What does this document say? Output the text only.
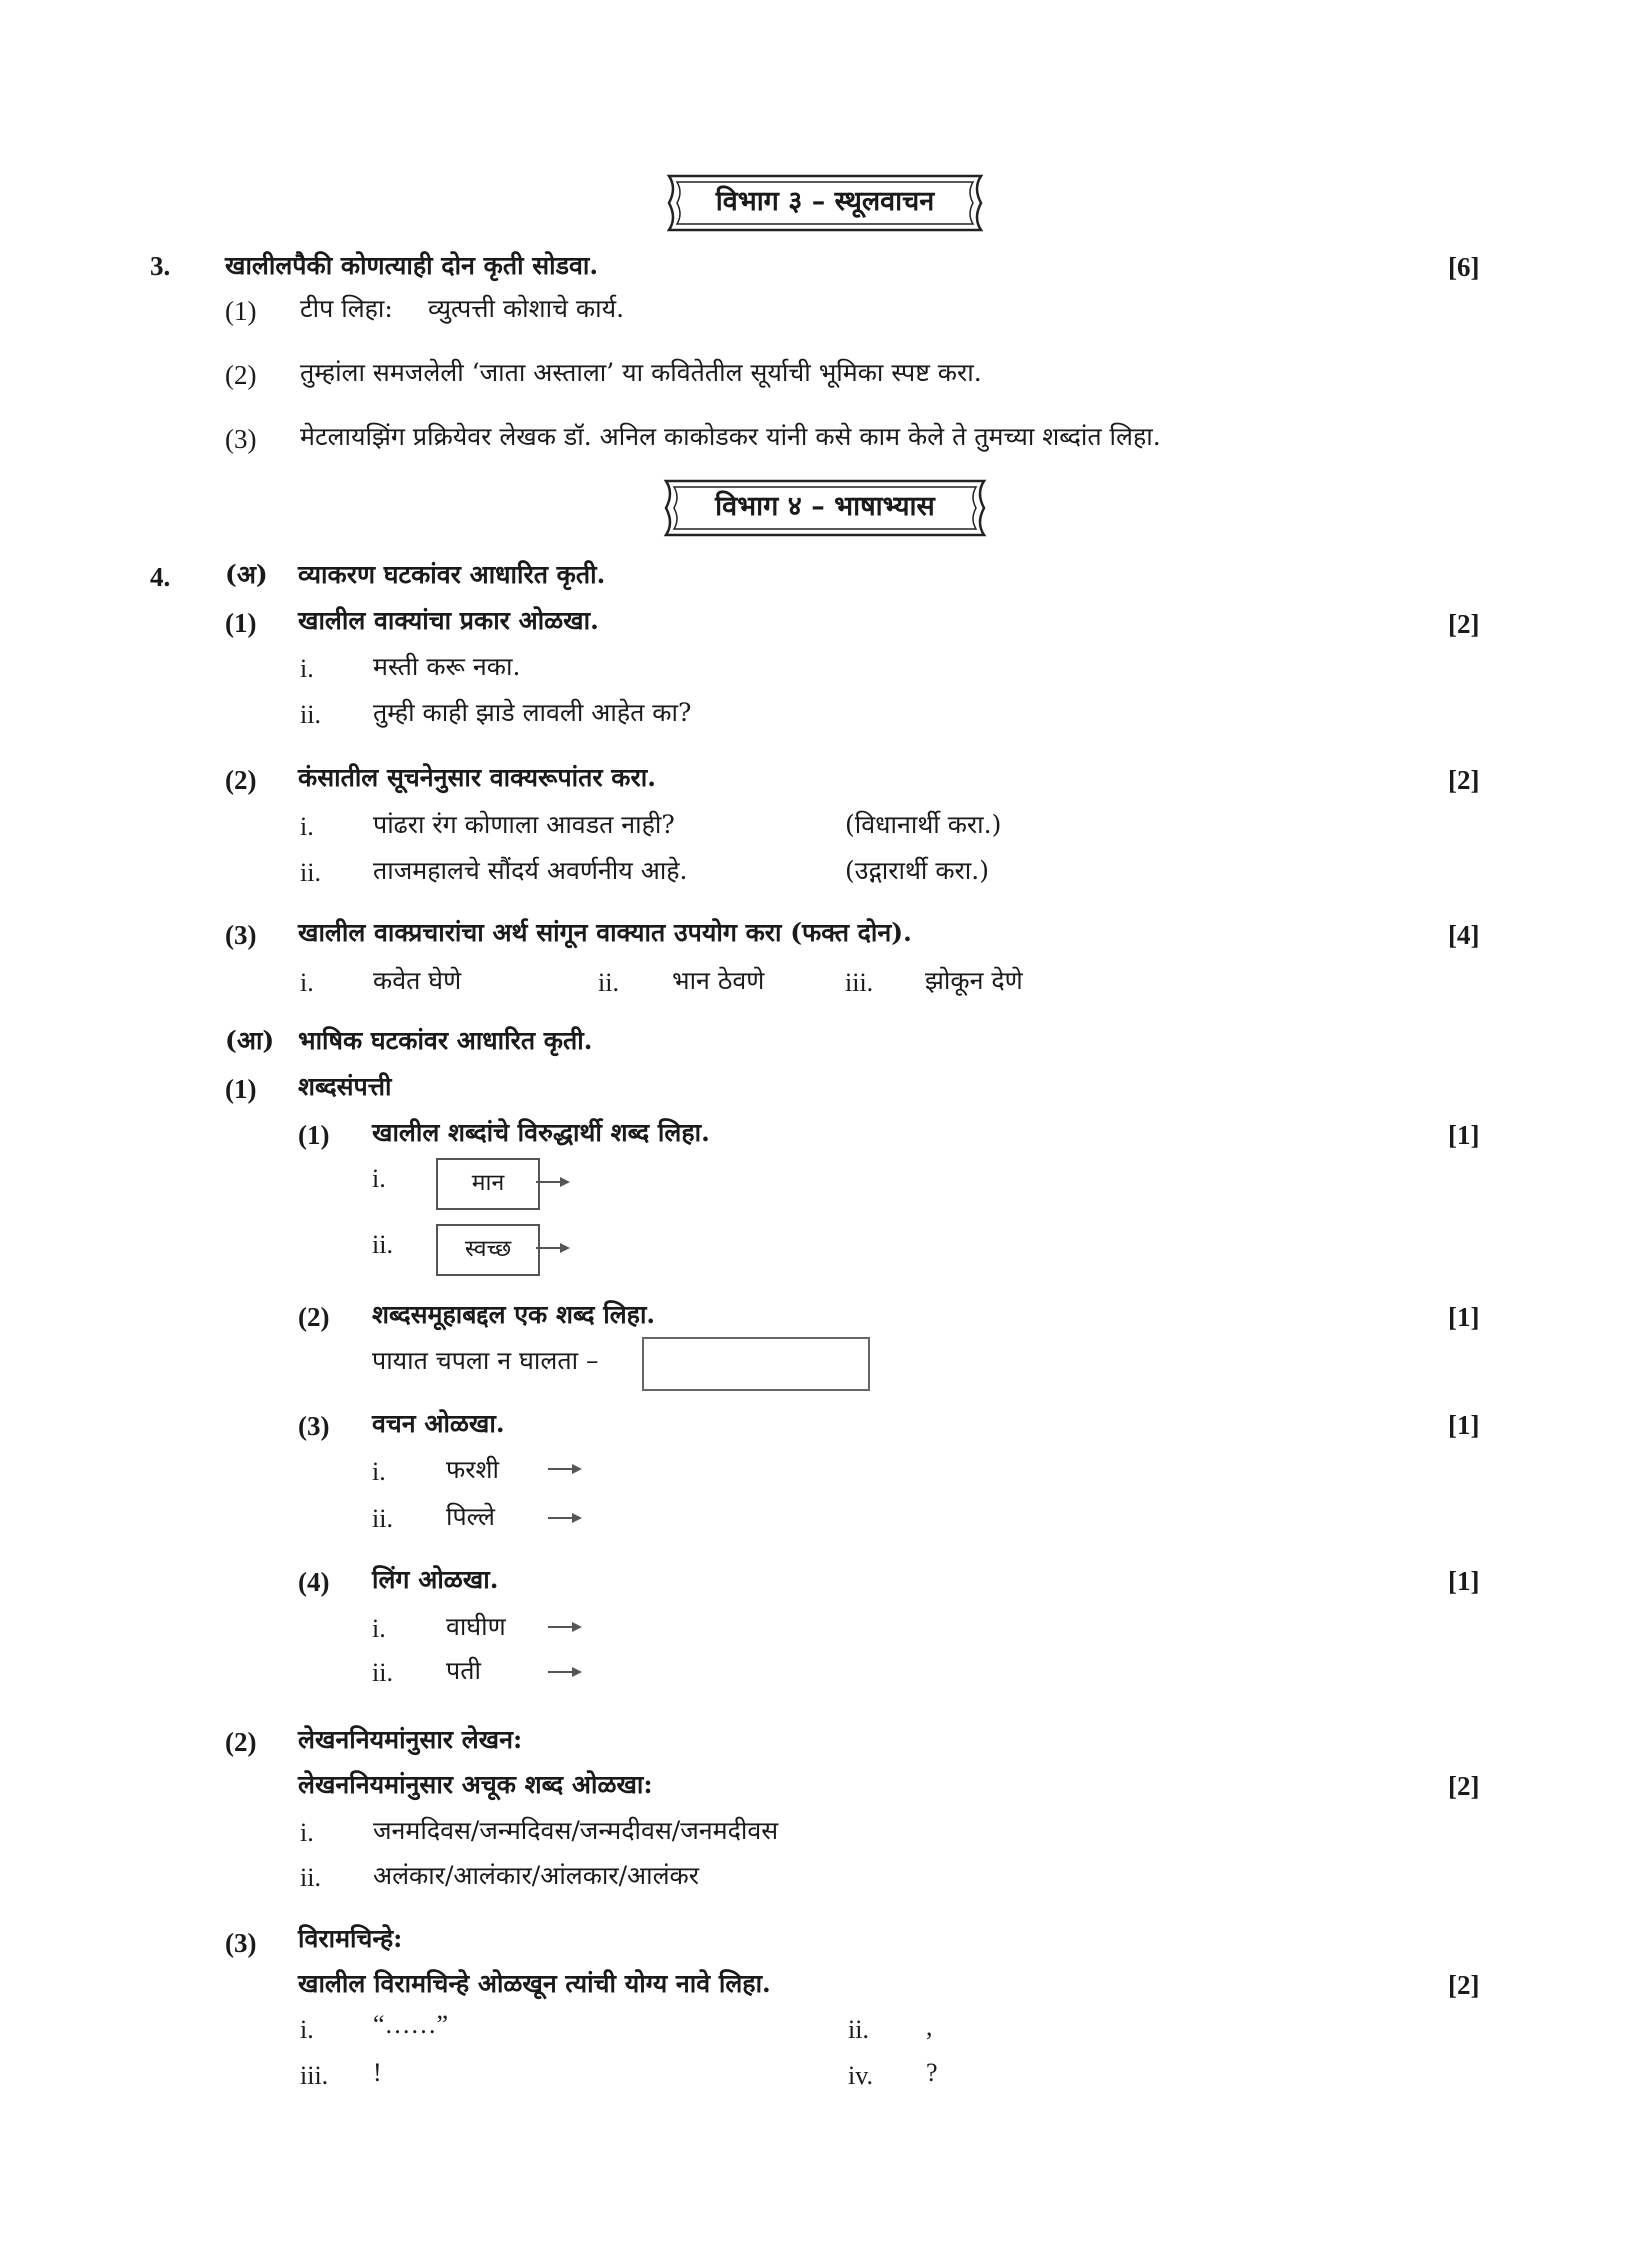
विभाग ३ – स्थूलवाचन
3. खालीलपैकी कोणत्याही दोन कृती सोडवा.	[6]
(1) टीप लिहा: व्युत्पत्ती कोशाचे कार्य.
(2) तुम्हांला समजलेली ‘जाता अस्ताला’ या कवितेतील सूर्याची भूमिका स्पष्ट करा.
(3) मेटलायझिंग प्रक्रियेवर लेखक डॉ. अनिल काकोडकर यांनी कसे काम केले ते तुमच्या शब्दांत लिहा.
विभाग ४ – भाषाभ्यास
4. (अ) व्याकरण घटकांवर आधारित कृती.
(1) खालील वाक्यांचा प्रकार ओळखा.	[2]
i. मस्ती करू नका.
ii. तुम्ही काही झाडे लावली आहेत का?
(2) कंसातील सूचनेनुसार वाक्यरूपांतर करा.	[2]
i. पांढरा रंग कोणाला आवडत नाही?	(विधानार्थी करा.)
ii. ताजमहालचे सौंदर्य अवर्णनीय आहे.	(उद्गारार्थी करा.)
(3) खालील वाक्प्रचारांचा अर्थ सांगून वाक्यात उपयोग करा (फक्त दोन).	[4]
i. कवेत घेणे	ii. भान ठेवणे	iii. झोकून देणे
(आ) भाषिक घटकांवर आधारित कृती.
(1) शब्दसंपत्ती
(1) खालील शब्दांचे विरुद्धार्थी शब्द लिहा.	[1]
i.	मान
ii.	स्वच्छ
(2) शब्दसमूहाबद्दल एक शब्द लिहा.	[1]
पायात चपला न घालता –
(3) वचन ओळखा.	[1]
i. फरशी
ii. पिल्ले
(4) लिंग ओळखा.	[1]
i. वाघीण
ii. पती
(2) लेखननियमांनुसार लेखन:
लेखननियमांनुसार अचूक शब्द ओळखा:	[2]
i. जनमदिवस/जन्मदिवस/जन्मदीवस/जनमदीवस
ii. अलंकार/आलंकार/आंलकार/आलंकर
(3) विरामचिन्हे:
खालील विरामचिन्हे ओळखून त्यांची योग्य नावे लिहा.	[2]
i. “……”	ii. ,
iii. !	iv. ?
